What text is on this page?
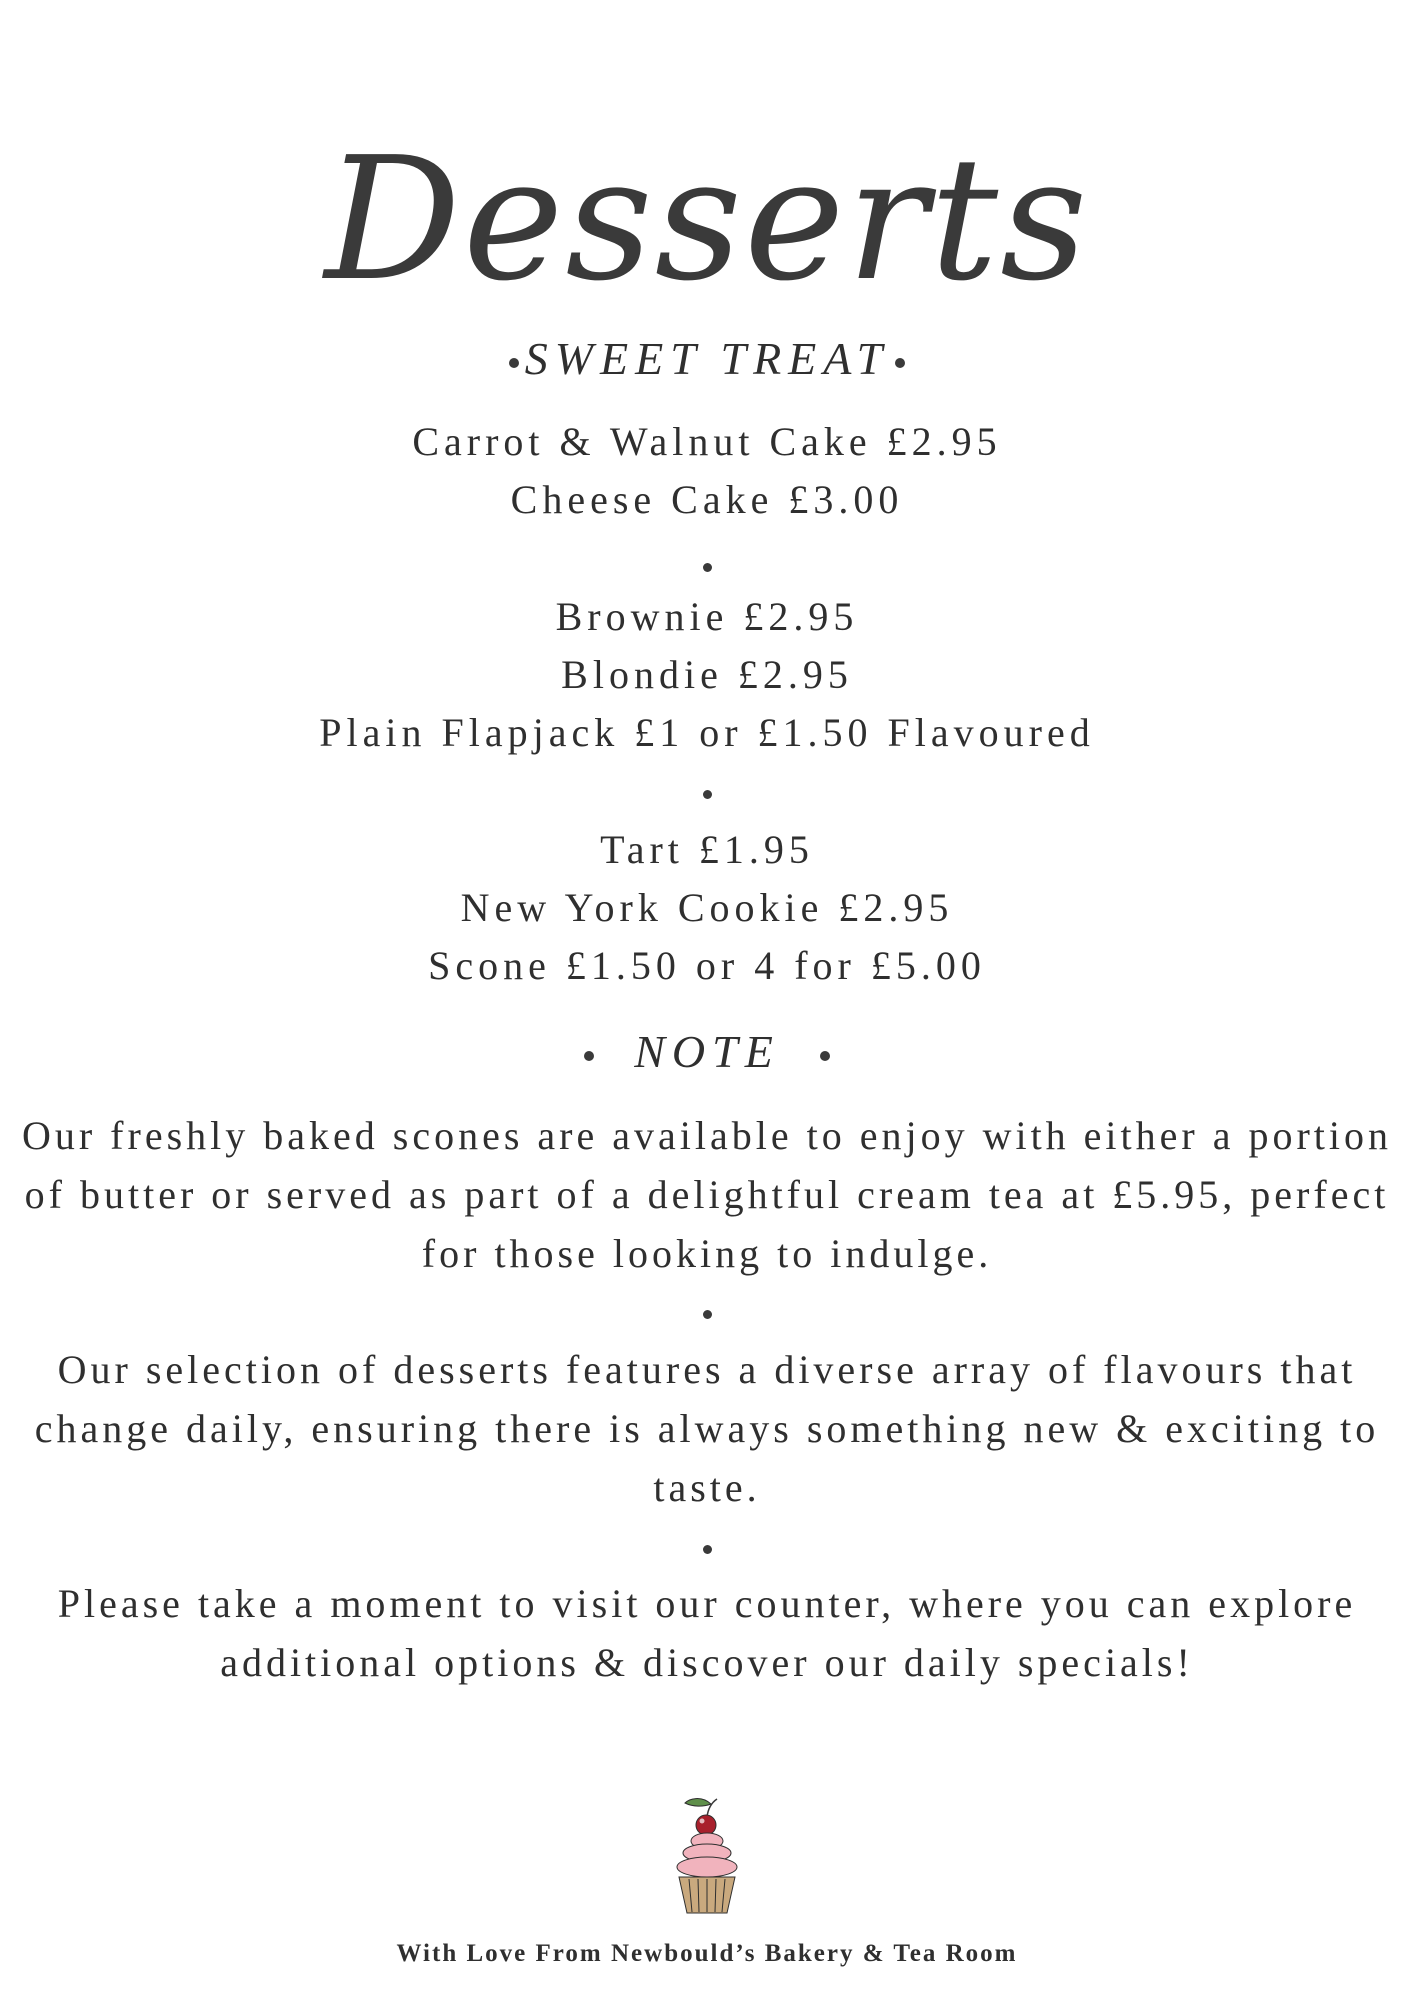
Desserts
SWEET TREAT
Carrot & Walnut Cake £2.95
Cheese Cake £3.00
Brownie £2.95
Blondie £2.95
Plain Flapjack £1 or £1.50 Flavoured
Tart £1.95
New York Cookie £2.95
Scone £1.50 or 4 for £5.00
NOTE
Our freshly baked scones are available to enjoy with either a portion of butter or served as part of a delightful cream tea at £5.95, perfect for those looking to indulge.
Our selection of desserts features a diverse array of flavours that change daily, ensuring there is always something new & exciting to taste.
Please take a moment to visit our counter, where you can explore additional options & discover our daily specials!
With Love From Newbould’s Bakery & Tea Room
